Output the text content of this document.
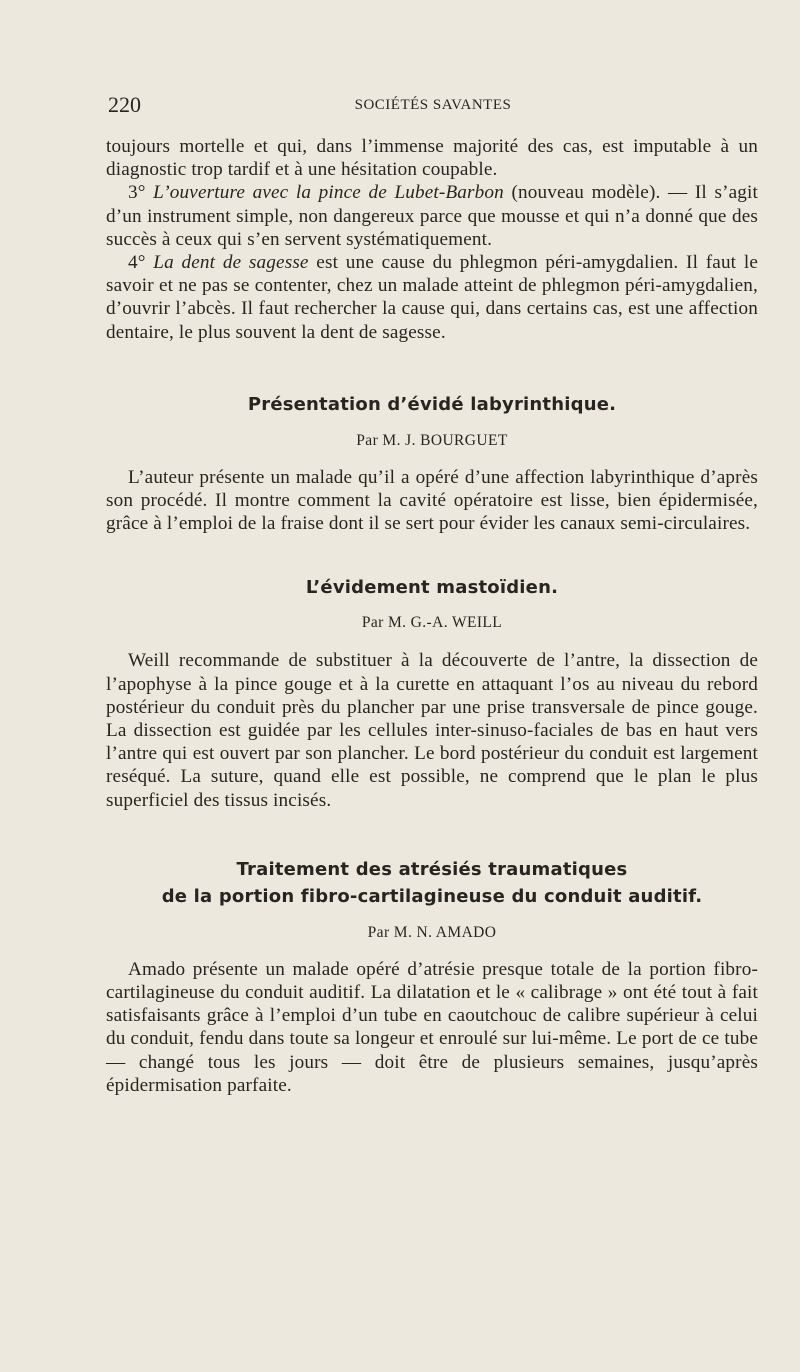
220	SOCIÉTÉS SAVANTES

toujours mortelle et qui, dans l’immense majorité des cas, est imputable à un diagnostic trop tardif et à une hésitation coupable.

3° L’ouverture avec la pince de Lubet-Barbon (nouveau modèle). — Il s’agit d’un instrument simple, non dangereux parce que mousse et qui n’a donné que des succès à ceux qui s’en servent systématiquement.

4° La dent de sagesse est une cause du phlegmon péri-amygdalien. Il faut le savoir et ne pas se contenter, chez un malade atteint de phlegmon péri-amygdalien, d’ouvrir l’abcès. Il faut rechercher la cause qui, dans certains cas, est une affection dentaire, le plus souvent la dent de sagesse.

Présentation d’évidé labyrinthique.
Par M. J. BOURGUET

L’auteur présente un malade qu’il a opéré d’une affection labyrinthique d’après son procédé. Il montre comment la cavité opératoire est lisse, bien épidermisée, grâce à l’emploi de la fraise dont il se sert pour évider les canaux semi-circulaires.

L’évidement mastoïdien.
Par M. G.-A. WEILL

Weill recommande de substituer à la découverte de l’antre, la dissection de l’apophyse à la pince gouge et à la curette en attaquant l’os au niveau du rebord postérieur du conduit près du plancher par une prise transversale de pince gouge. La dissection est guidée par les cellules inter-sinuso-faciales de bas en haut vers l’antre qui est ouvert par son plancher. Le bord postérieur du conduit est largement reséqué. La suture, quand elle est possible, ne comprend que le plan le plus superficiel des tissus incisés.

Traitement des atrésiés traumatiques
de la portion fibro-cartilagineuse du conduit auditif.
Par M. N. AMADO

Amado présente un malade opéré d’atrésie presque totale de la portion fibro-cartilagineuse du conduit auditif. La dilatation et le « calibrage » ont été tout à fait satisfaisants grâce à l’emploi d’un tube en caoutchouc de calibre supérieur à celui du conduit, fendu dans toute sa longeur et enroulé sur lui-même. Le port de ce tube — changé tous les jours — doit être de plusieurs semaines, jusqu’après épidermisation parfaite.
